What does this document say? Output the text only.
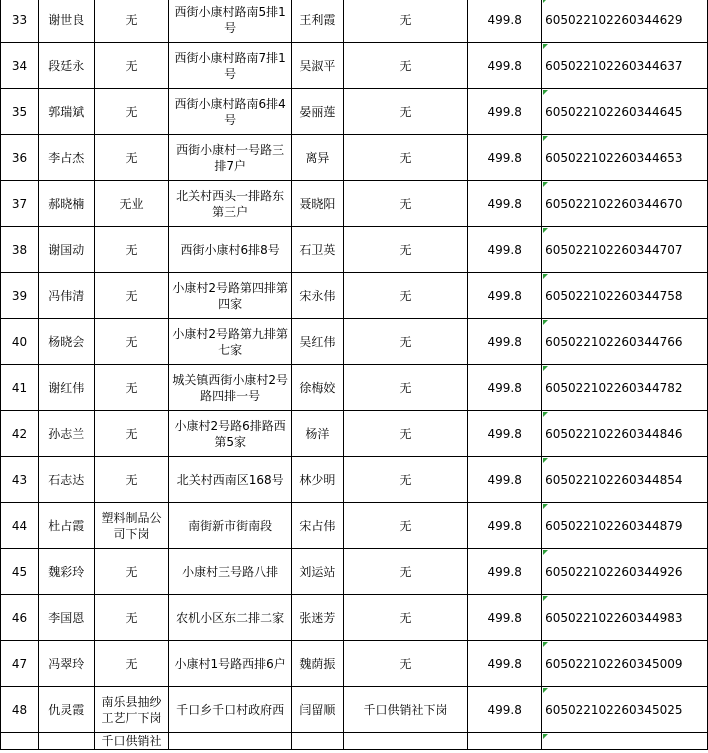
33	谢世良	无	西街小康村路南5排1号	王利霞	无	499.8	605022102260344629
34	段廷永	无	西街小康村路南7排1号	吴淑平	无	499.8	605022102260344637
35	郭瑞斌	无	西街小康村路南6排4号	晏丽莲	无	499.8	605022102260344645
36	李占杰	无	西街小康村一号路三排7户	离异	无	499.8	605022102260344653
37	郝晓楠	无业	北关村西头一排路东第三户	聂晓阳	无	499.8	605022102260344670
38	谢国动	无	西街小康村6排8号	石卫英	无	499.8	605022102260344707
39	冯伟清	无	小康村2号路第四排第四家	宋永伟	无	499.8	605022102260344758
40	杨晓会	无	小康村2号路第九排第七家	吴红伟	无	499.8	605022102260344766
41	谢红伟	无	城关镇西街小康村2号路四排一号	徐梅姣	无	499.8	605022102260344782
42	孙志兰	无	小康村2号路6排路西第5家	杨洋	无	499.8	605022102260344846
43	石志达	无	北关村西南区168号	林少明	无	499.8	605022102260344854
44	杜占霞	塑料制品公司下岗	南街新市街南段	宋占伟	无	499.8	605022102260344879
45	魏彩玲	无	小康村三号路八排	刘运站	无	499.8	605022102260344926
46	李国恩	无	农机小区东二排二家	张迷芳	无	499.8	605022102260344983
47	冯翠玲	无	小康村1号路西排6户	魏荫振	无	499.8	605022102260345009
48	仇灵霞	南乐县抽纱工艺厂下岗	千口乡千口村政府西	闫留顺	千口供销社下岗	499.8	605022102260345025
		千口供销社					
